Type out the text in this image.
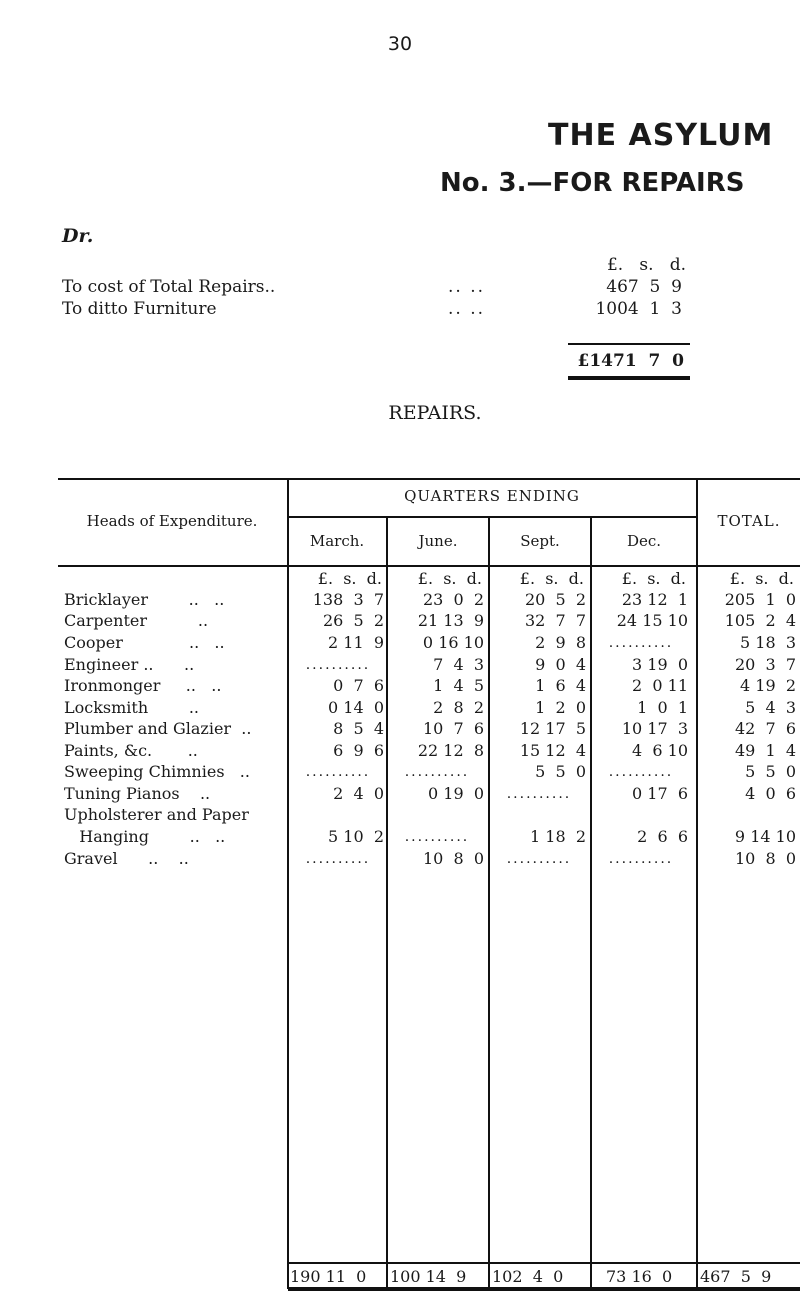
30
THE ASYLUM
No. 3.—FOR REPAIRS
Dr.
£.   s.   d.
To cost of Total Repairs..	.. ..	467  5  9
To ditto Furniture	.. ..	1004  1  3
£1471  7  0
REPAIRS.
Heads of Expenditure.
QUARTERS ENDING
TOTAL.
March.	June.	Sept.	Dec.
£.  s.  d.	£.  s.  d.	£.  s.  d.	£.  s.  d.	£.  s.  d.
Bricklayer        ..   ..	138  3  7	23  0  2	20  5  2	23 12  1	205  1  0
Carpenter          ..	26  5  2	21 13  9	32  7  7	24 15 10	105  2  4
Cooper             ..   ..	2 11  9	0 16 10	2  9  8	..........	5 18  3
Engineer ..      ..	..........	7  4  3	9  0  4	3 19  0	20  3  7
Ironmonger     ..   ..	0  7  6	1  4  5	1  6  4	2  0 11	4 19  2
Locksmith        ..	0 14  0	2  8  2	1  2  0	1  0  1	5  4  3
Plumber and Glazier  ..	8  5  4	10  7  6	12 17  5	10 17  3	42  7  6
Paints, &c.       ..	6  9  6	22 12  8	15 12  4	4  6 10	49  1  4
Sweeping Chimnies   ..	..........	..........	5  5  0	..........	5  5  0
Tuning Pianos    ..	2  4  0	0 19  0	..........	0 17  6	4  0  6
Upholsterer and Paper
Hanging        ..   ..	5 10  2	..........	1 18  2	2  6  6	9 14 10
Gravel      ..    ..	..........	10  8  0	..........	..........	10  8  0
190 11  0	100 14  9	102  4  0	73 16  0	467  5  9
